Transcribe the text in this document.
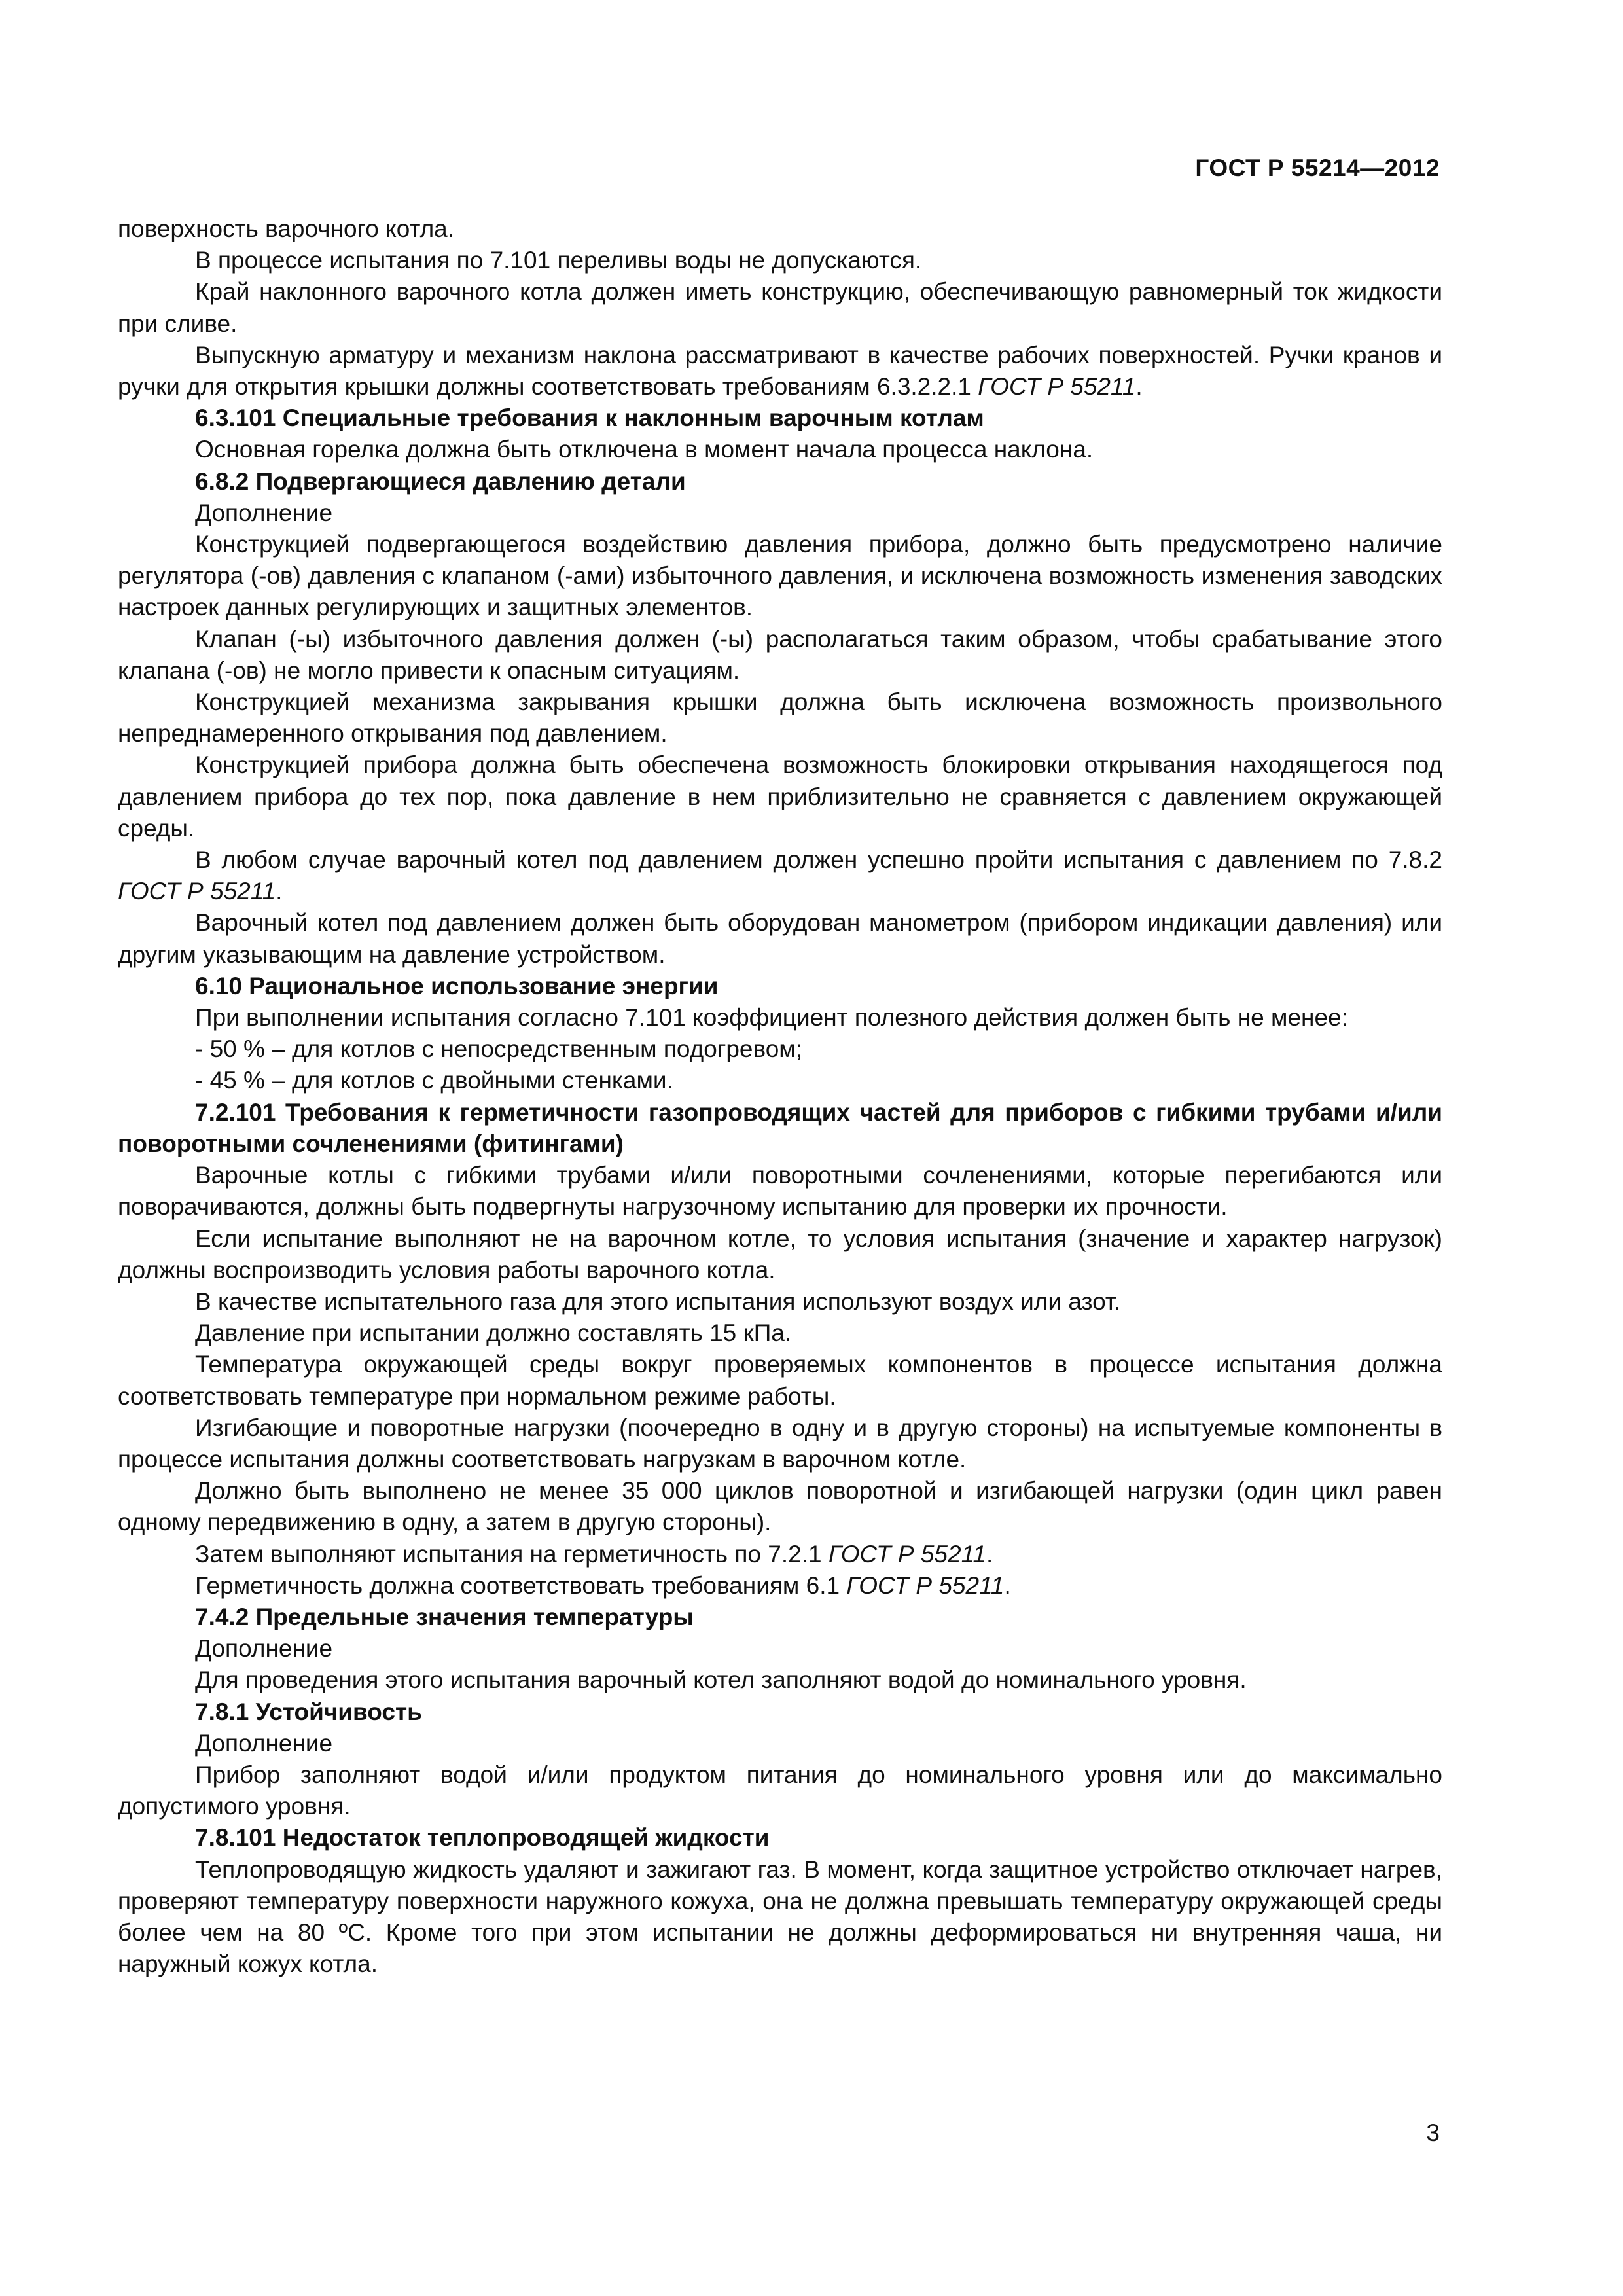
ГОСТ Р 55214—2012

поверхность варочного котла.

В процессе испытания по 7.101 переливы воды не допускаются.

Край наклонного варочного котла должен иметь конструкцию, обеспечивающую равномерный ток жидкости при сливе.

Выпускную арматуру и механизм наклона рассматривают в качестве рабочих поверхностей. Ручки кранов и ручки для открытия крышки должны соответствовать требованиям 6.3.2.2.1 ГОСТ Р 55211.

6.3.101 Специальные требования к наклонным варочным котлам

Основная горелка должна быть отключена в момент начала процесса наклона.

6.8.2 Подвергающиеся давлению детали

Дополнение

Конструкцией подвергающегося воздействию давления прибора, должно быть предусмотрено наличие регулятора (-ов) давления с клапаном (-ами) избыточного давления, и исключена возможность изменения заводских настроек данных регулирующих и защитных элементов.

Клапан (-ы) избыточного давления должен (-ы) располагаться таким образом, чтобы срабатывание этого клапана (-ов) не могло привести к опасным ситуациям.

Конструкцией механизма закрывания крышки должна быть исключена возможность произвольного непреднамеренного открывания под давлением.

Конструкцией прибора должна быть обеспечена возможность блокировки открывания находящегося под давлением прибора до тех пор, пока давление в нем приблизительно не сравняется с давлением окружающей среды.

В любом случае варочный котел под давлением должен успешно пройти испытания с давлением по 7.8.2 ГОСТ Р 55211.

Варочный котел под давлением должен быть оборудован манометром (прибором индикации давления) или другим указывающим на давление устройством.

6.10 Рациональное использование энергии

При выполнении испытания согласно 7.101 коэффициент полезного действия должен быть не менее:

- 50 % – для котлов с непосредственным подогревом;

- 45 % – для котлов с двойными стенками.

7.2.101 Требования к герметичности газопроводящих частей для приборов с гибкими трубами и/или поворотными сочленениями (фитингами)

Варочные котлы с гибкими трубами и/или поворотными сочленениями, которые перегибаются или поворачиваются, должны быть подвергнуты нагрузочному испытанию для проверки их прочности.

Если испытание выполняют не на варочном котле, то условия испытания (значение и характер нагрузок) должны воспроизводить условия работы варочного котла.

В качестве испытательного газа для этого испытания используют воздух или азот.

Давление при испытании должно составлять 15 кПа.

Температура окружающей среды вокруг проверяемых компонентов в процессе испытания должна соответствовать температуре при нормальном режиме работы.

Изгибающие и поворотные нагрузки (поочередно в одну и в другую стороны) на испытуемые компоненты в процессе испытания должны соответствовать нагрузкам в варочном котле.

Должно быть выполнено не менее 35 000 циклов поворотной и изгибающей нагрузки (один цикл равен одному передвижению в одну, а затем в другую стороны).

Затем выполняют испытания на герметичность по 7.2.1 ГОСТ Р 55211.

Герметичность должна соответствовать требованиям 6.1 ГОСТ Р 55211.

7.4.2 Предельные значения температуры

Дополнение

Для проведения этого испытания варочный котел заполняют водой до номинального уровня.

7.8.1 Устойчивость

Дополнение

Прибор заполняют водой и/или продуктом питания до номинального уровня или до максимально допустимого уровня.

7.8.101 Недостаток теплопроводящей жидкости

Теплопроводящую жидкость удаляют и зажигают газ. В момент, когда защитное устройство отключает нагрев, проверяют температуру поверхности наружного кожуха, она не должна превышать температуру окружающей среды более чем на 80 ºС. Кроме того при этом испытании не должны деформироваться ни внутренняя чаша, ни наружный кожух котла.

3
